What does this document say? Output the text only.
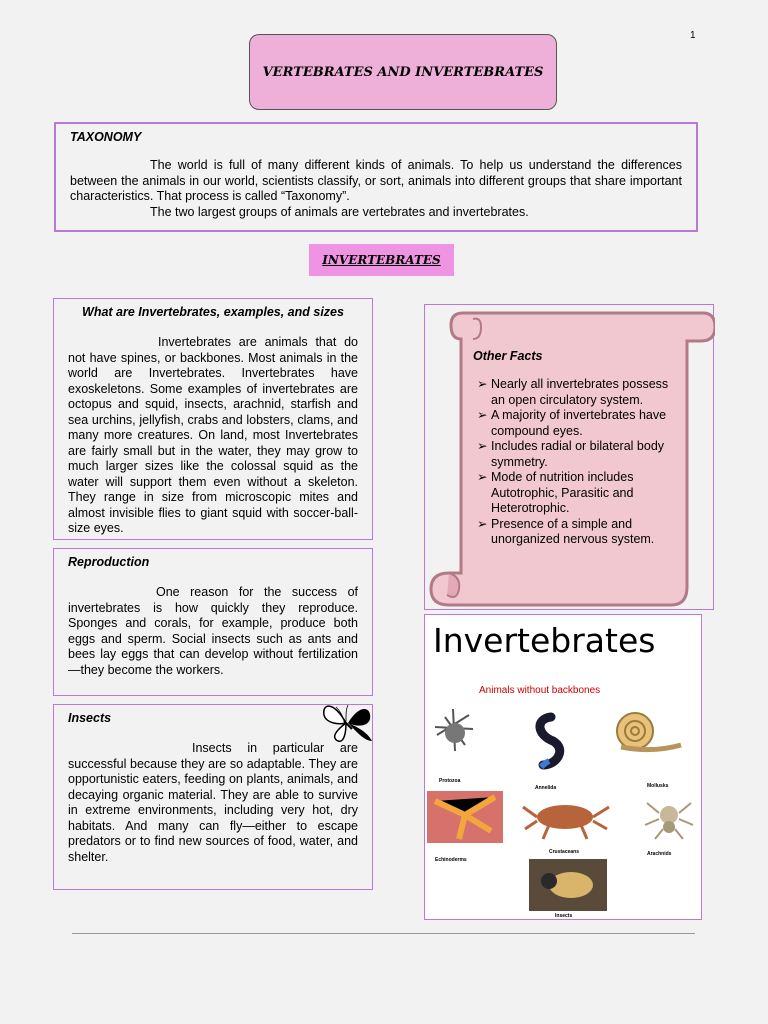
1
VERTEBRATES AND INVERTEBRATES
TAXONOMY
The world is full of many different kinds of animals. To help us understand the differences between the animals in our world, scientists classify, or sort, animals into different groups that share important characteristics. That process is called “Taxonomy”.
The two largest groups of animals are vertebrates and invertebrates.
INVERTEBRATES
What are Invertebrates, examples, and sizes
Invertebrates are animals that do not have spines, or backbones. Most animals in the world are Invertebrates. Invertebrates have exoskeletons. Some examples of invertebrates are octopus and squid, insects, arachnid, starfish and sea urchins, jellyfish, crabs and lobsters, clams, and many more creatures. On land, most Invertebrates are fairly small but in the water, they may grow to much larger sizes like the colossal squid as the water will support them even without a skeleton. They range in size from microscopic mites and almost invisible flies to giant squid with soccer-ball-size eyes.
Reproduction
One reason for the success of invertebrates is how quickly they reproduce. Sponges and corals, for example, produce both eggs and sperm. Social insects such as ants and bees lay eggs that can develop without fertilization—they become the workers.
Insects
Insects in particular are successful because they are so adaptable. They are opportunistic eaters, feeding on plants, animals, and decaying organic material. They are able to survive in extreme environments, including very hot, dry habitats. And many can fly—either to escape predators or to find new sources of food, water, and shelter.
Other Facts
➢ Nearly all invertebrates possess an open circulatory system.
➢ A majority of invertebrates have compound eyes.
➢ Includes radial or bilateral body symmetry.
➢ Mode of nutrition includes Autotrophic, Parasitic and Heterotrophic.
➢ Presence of a simple and unorganized nervous system.
Invertebrates
Animals without backbones
Protozoa
Annelida	Mollusks
Echinoderms
Crustaceans	Arachnids
Insects
